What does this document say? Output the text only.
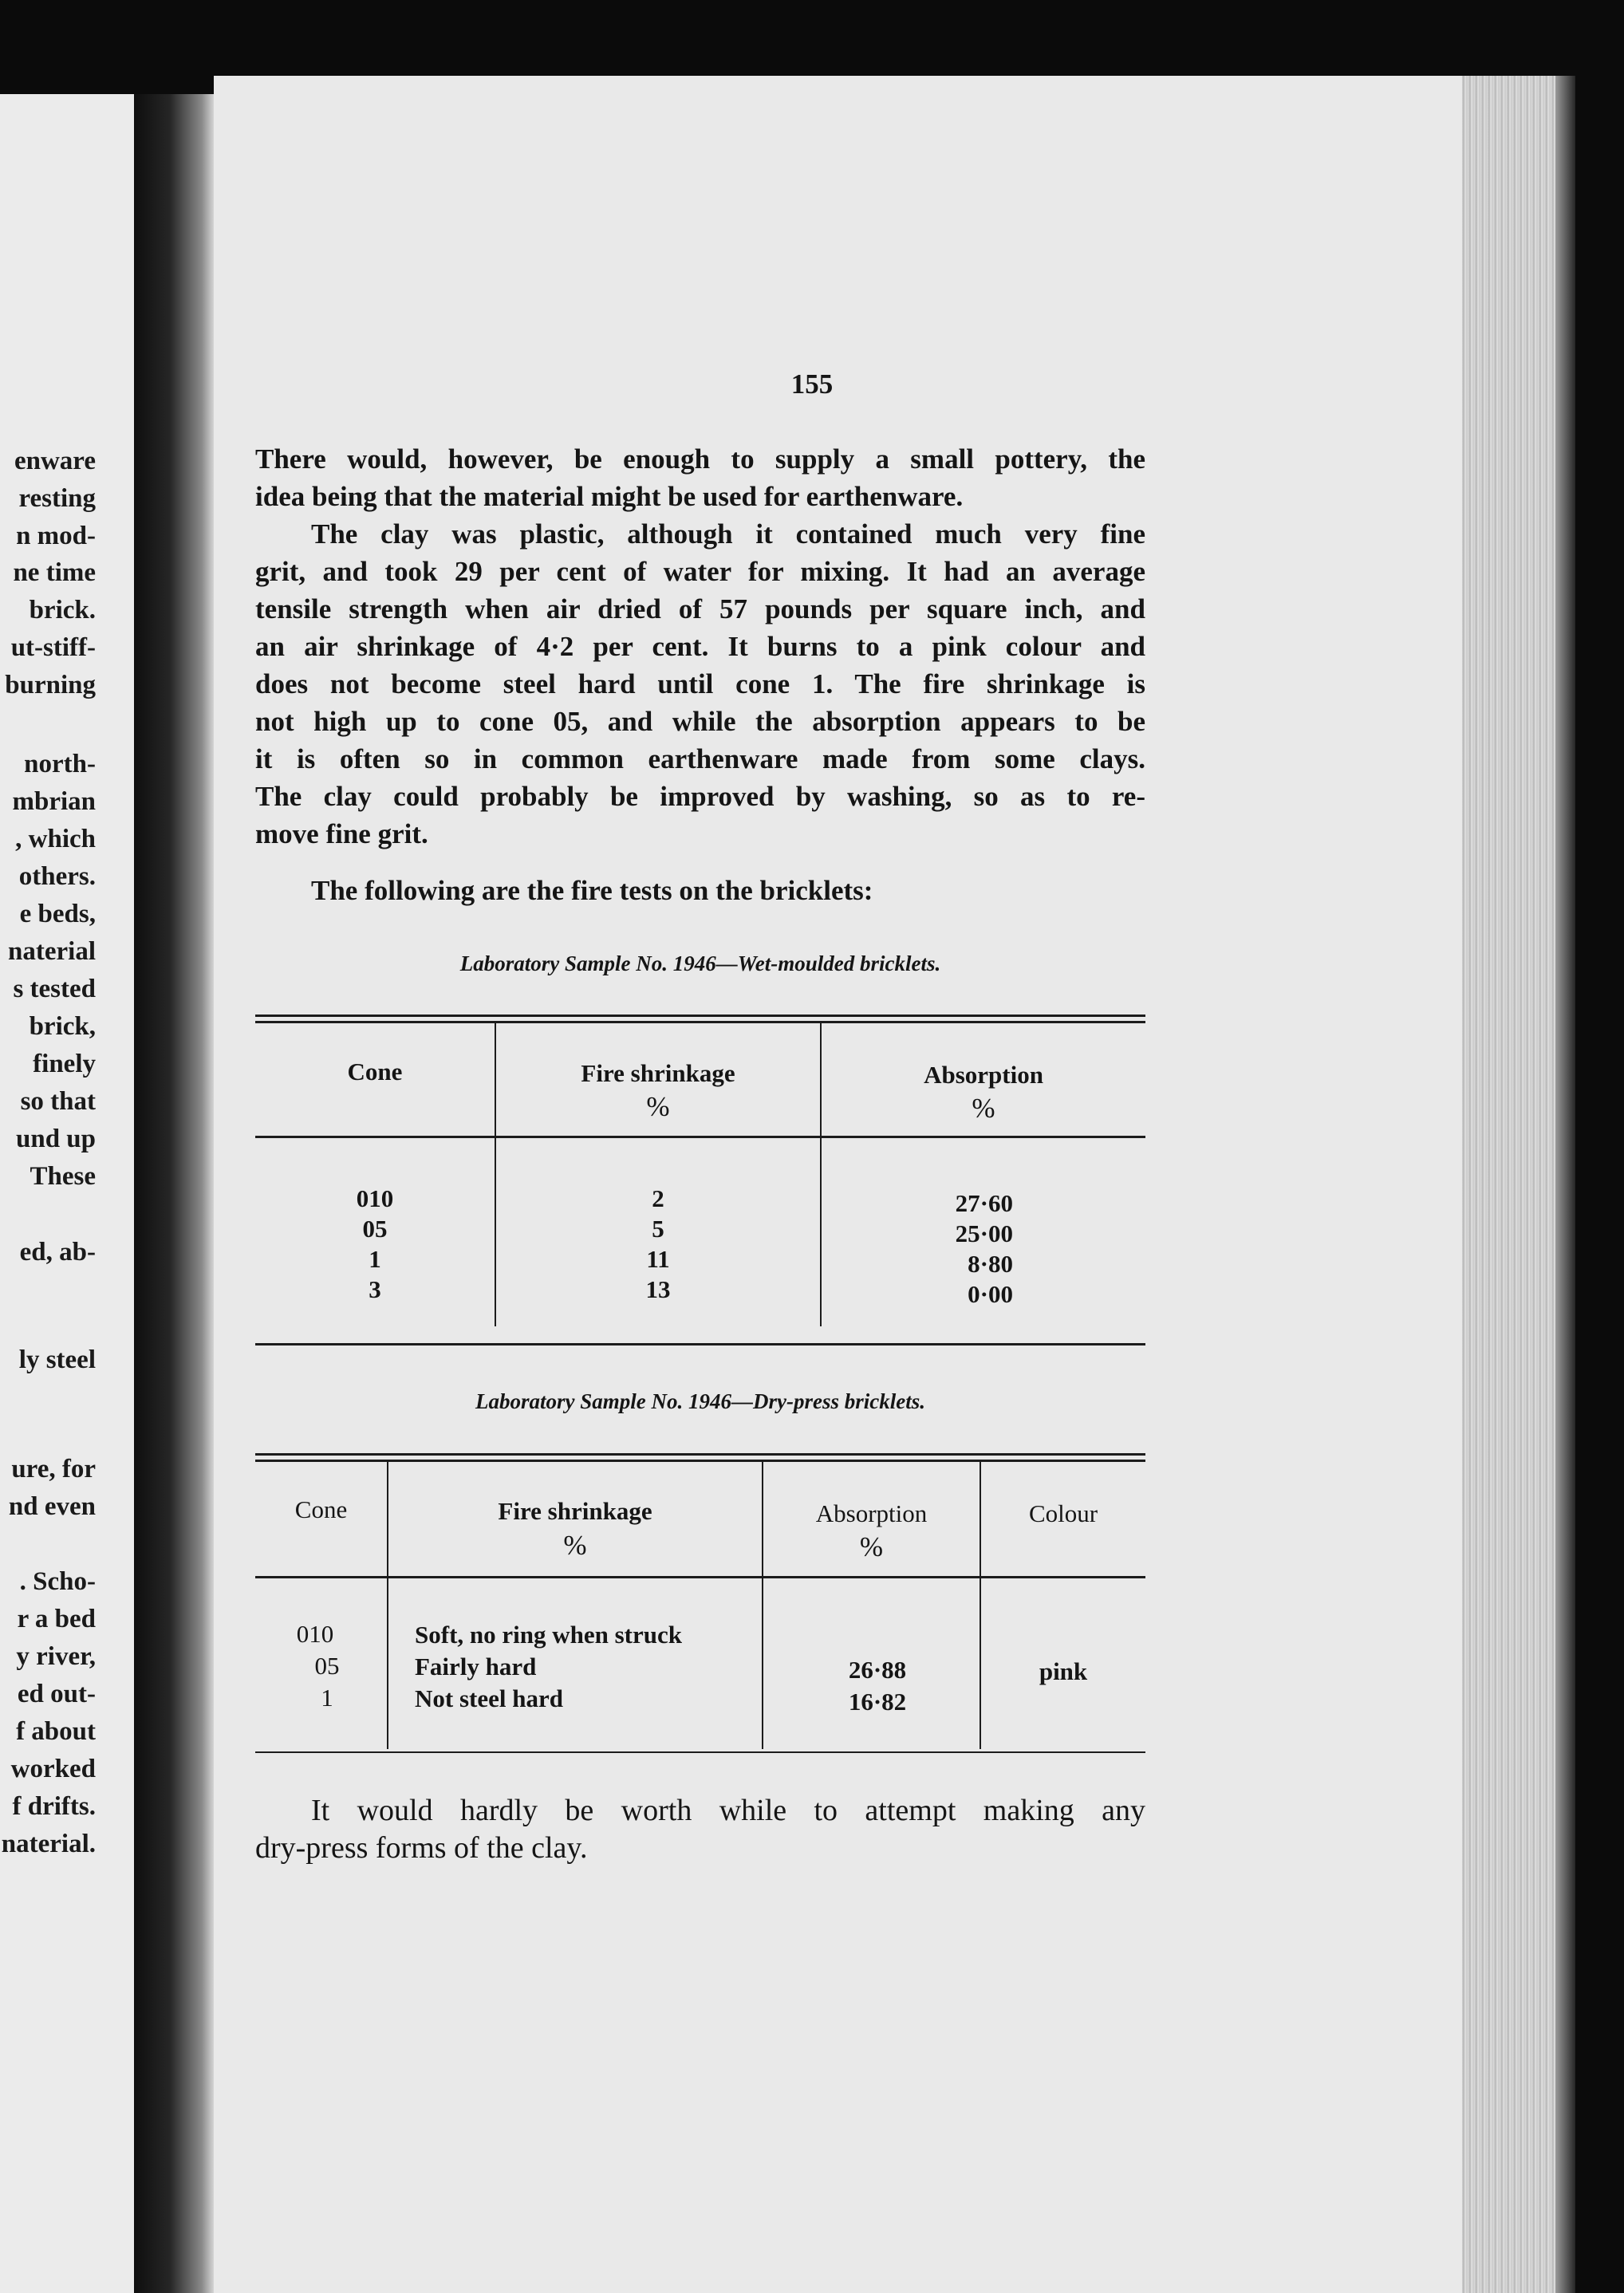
enware
resting
n mod-
ne time
brick.
ut-stiff-
burning
north-
mbrian
, which
others.
e beds,
naterial
s tested
brick,
finely
so that
und up
These
ed, ab-
ly steel
ure, for
nd even
. Scho-
r a bed
y river,
ed out-
f about
worked
f drifts.
naterial.
155
There would, however, be enough to supply a small pottery, the
idea being that the material might be used for earthenware.
The clay was plastic, although it contained much very fine
grit, and took 29 per cent of water for mixing. It had an average
tensile strength when air dried of 57 pounds per square inch, and
an air shrinkage of 4·2 per cent. It burns to a pink colour and
does not become steel hard until cone 1. The fire shrinkage is
not high up to cone 05, and while the absorption appears to be
it is often so in common earthenware made from some clays.
The clay could probably be improved by washing, so as to re-
move fine grit.
The following are the fire tests on the bricklets:
Laboratory Sample No. 1946—Wet-moulded bricklets.
Cone	Fire shrinkage
%
Absorption
%
010
05
1
3
2
5
11
13
27·60
25·00
8·80
0·00
Laboratory Sample No. 1946—Dry-press bricklets.
Cone	Fire shrinkage
%
Absorption
%
Colour
010
05
1
Soft, no ring when struck
Fairly hard
Not steel hard
26·88
16·82
pink
It would hardly be worth while to attempt making any
dry-press forms of the clay.
